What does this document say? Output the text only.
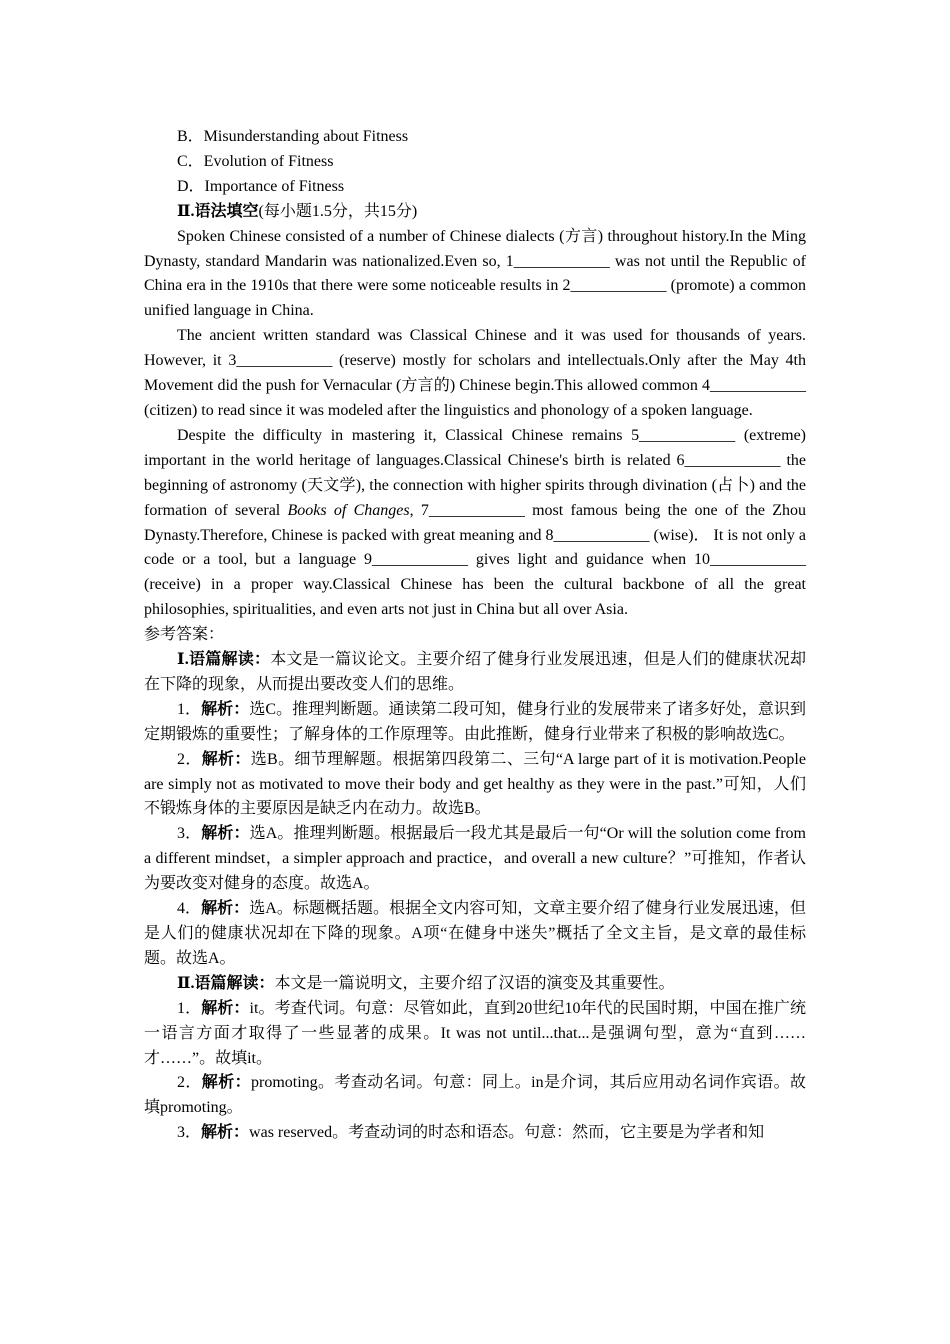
B．Misunderstanding about Fitness

C．Evolution of Fitness

D．Importance of Fitness

Ⅱ.语法填空(每小题1.5分，共15分)

Spoken Chinese consisted of a number of Chinese dialects (方言) throughout history.In the Ming Dynasty, standard Mandarin was nationalized.Even so, 1____________ was not until the Republic of China era in the 1910s that there were some noticeable results in 2____________ (promote) a common unified language in China.

The ancient written standard was Classical Chinese and it was used for thousands of years. However, it 3____________ (reserve) mostly for scholars and intellectuals.Only after the May 4th Movement did the push for Vernacular (方言的) Chinese begin.This allowed common 4____________ (citizen) to read since it was modeled after the linguistics and phonology of a spoken language.

Despite the difficulty in mastering it, Classical Chinese remains 5____________ (extreme) important in the world heritage of languages.Classical Chinese's birth is related 6____________ the beginning of astronomy (天文学), the connection with higher spirits through divination (占卜) and the formation of several Books of Changes, 7____________ most famous being the one of the Zhou Dynasty.Therefore, Chinese is packed with great meaning and 8____________ (wise)． It is not only a code or a tool, but a language 9____________ gives light and guidance when 10____________ (receive) in a proper way.Classical Chinese has been the cultural backbone of all the great philosophies, spiritualities, and even arts not just in China but all over Asia.

参考答案：

Ⅰ.语篇解读：本文是一篇议论文。主要介绍了健身行业发展迅速，但是人们的健康状况却在下降的现象，从而提出要改变人们的思维。

1．解析：选C。推理判断题。通读第二段可知，健身行业的发展带来了诸多好处，意识到定期锻炼的重要性；了解身体的工作原理等。由此推断，健身行业带来了积极的影响故选C。

2．解析：选B。细节理解题。根据第四段第二、三句“A large part of it is motivation.People are simply not as motivated to move their body and get healthy as they were in the past.”可知，人们不锻炼身体的主要原因是缺乏内在动力。故选B。

3．解析：选A。推理判断题。根据最后一段尤其是最后一句“Or will the solution come from a different mindset，a simpler approach and practice，and overall a new culture？”可推知，作者认为要改变对健身的态度。故选A。

4．解析：选A。标题概括题。根据全文内容可知，文章主要介绍了健身行业发展迅速，但是人们的健康状况却在下降的现象。A项“在健身中迷失”概括了全文主旨，是文章的最佳标题。故选A。

Ⅱ.语篇解读：本文是一篇说明文，主要介绍了汉语的演变及其重要性。

1．解析：it。考查代词。句意：尽管如此，直到20世纪10年代的民国时期，中国在推广统一语言方面才取得了一些显著的成果。It was not until...that...是强调句型，意为“直到……才……”。故填it。

2．解析：promoting。考查动名词。句意：同上。in是介词，其后应用动名词作宾语。故填promoting。

3．解析：was reserved。考查动词的时态和语态。句意：然而，它主要是为学者和知
